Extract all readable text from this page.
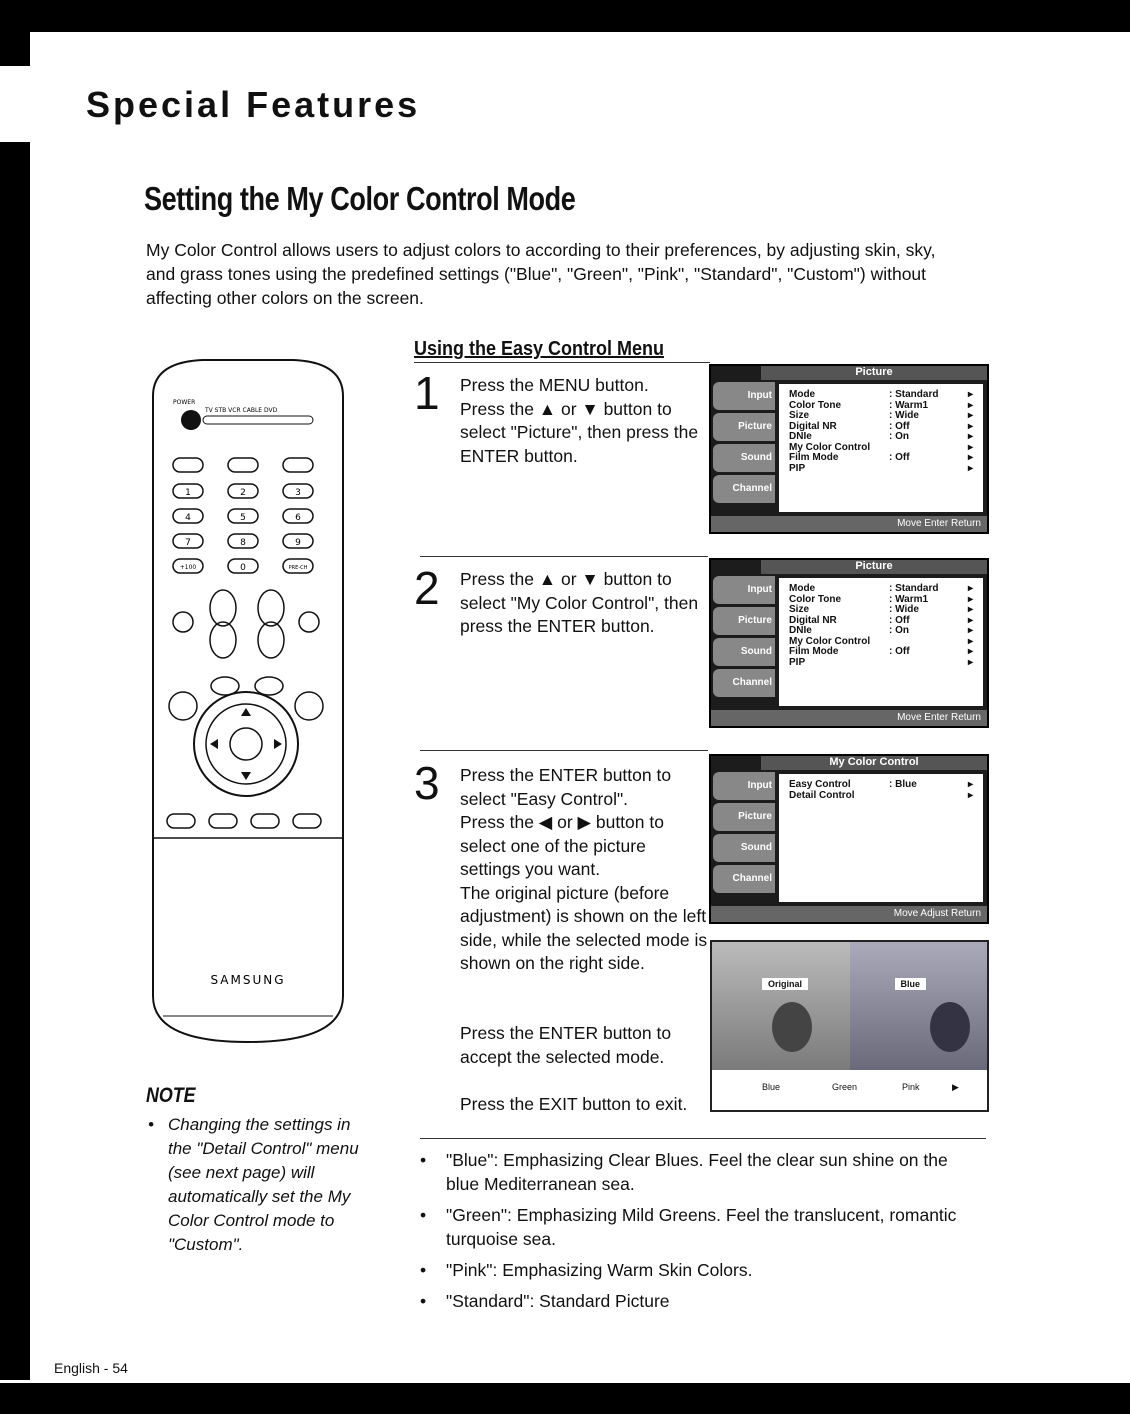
Special Features
Setting the My Color Control Mode
My Color Control allows users to adjust colors to according to their preferences, by adjusting skin, sky, and grass tones using the predefined settings ("Blue", "Green", "Pink", "Standard", "Custom") without affecting other colors on the screen.
POWER
TV STB VCR CABLE DVD
1	2	3
4	5	6
7	8	9
+100	0	PRE-CH
SAMSUNG
NOTE
• Changing the settings in the "Detail Control" menu (see next page) will automatically set the My Color Control mode to "Custom".
Using the Easy Control Menu
1 Press the MENU button.

Press the ▲ or ▼ button to select "Picture", then press the ENTER button.

2 Press the ▲ or ▼ button to select "My Color Control", then press the ENTER button.

3 Press the ENTER button to select "Easy Control".

Press the ◀ or ▶ button to select one of the picture settings you want.

The original picture (before adjustment) is shown on the left side, while the selected mode is shown on the right side.

Press the ENTER button to accept the selected mode.
Press the EXIT button to exit.
Picture
Input
Picture
Sound
Channel
Mode	: Standard	▸
Color Tone	: Warm1	▸
Size	: Wide	▸
Digital NR	: Off	▸
DNIe	: On	▸
My Color Control	▸
Film Mode	: Off	▸
PIP	▸
Move Enter Return
Picture
Input
Picture
Sound
Channel
Mode	: Standard	▸
Color Tone	: Warm1	▸
Size	: Wide	▸
Digital NR	: Off	▸
DNIe	: On	▸
My Color Control	▸
Film Mode	: Off	▸
PIP	▸
Move Enter Return
My Color Control
Input
Picture
Sound
Channel
Easy Control	: Blue	▸
Detail Control	▸
Move Adjust Return
Original	Blue
Blue	Green	Pink	▶
• "Blue": Emphasizing Clear Blues. Feel the clear sun shine on the blue Mediterranean sea.
• "Green": Emphasizing Mild Greens. Feel the translucent, romantic turquoise sea.
• "Pink": Emphasizing Warm Skin Colors.
• "Standard": Standard Picture
English - 54
